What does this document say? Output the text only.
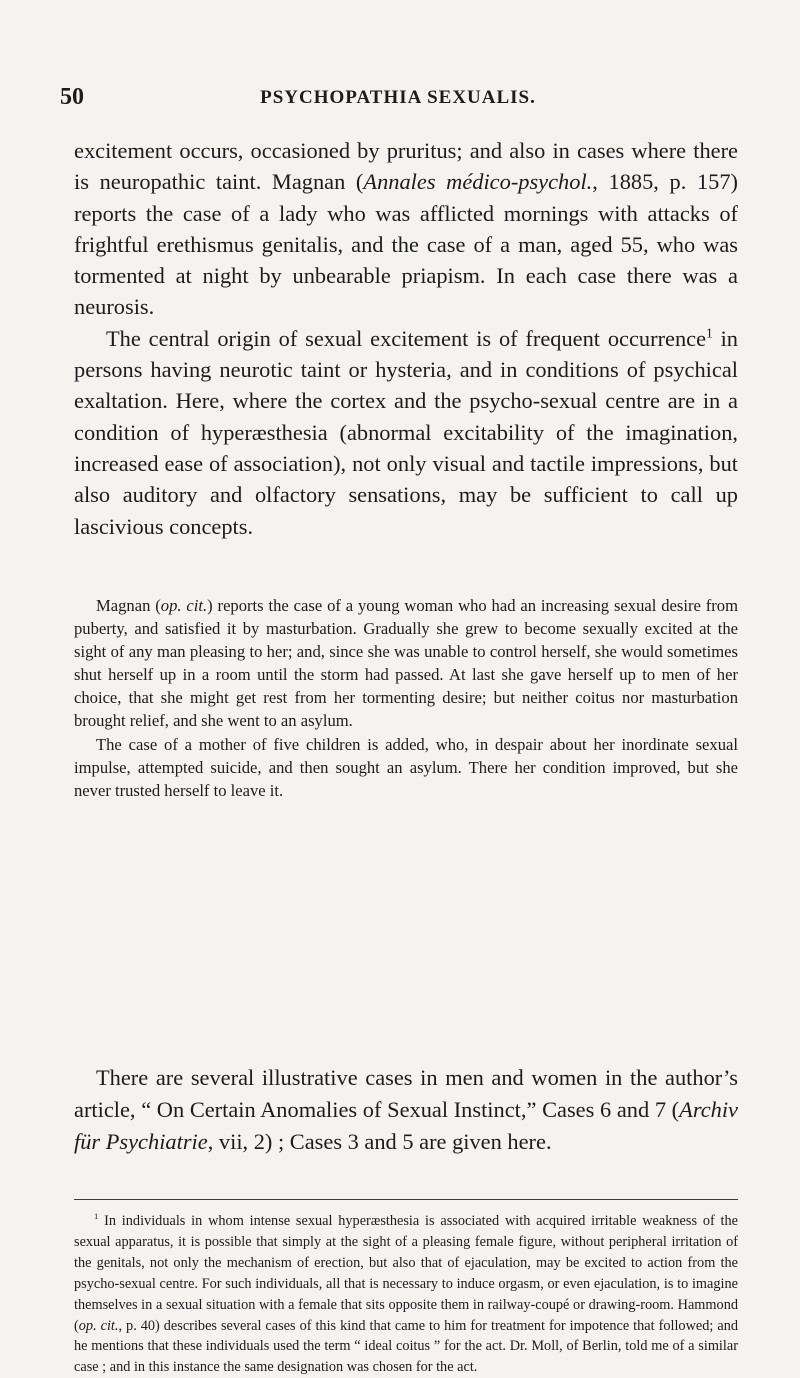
50	PSYCHOPATHIA SEXUALIS.

excitement occurs, occasioned by pruritus; and also in cases where there is neuropathic taint. Magnan (Annales médico-psychol., 1885, p. 157) reports the case of a lady who was afflicted mornings with attacks of frightful erethismus genitalis, and the case of a man, aged 55, who was tormented at night by unbearable priapism. In each case there was a neurosis.

The central origin of sexual excitement is of frequent occurrence$^1$ in persons having neurotic taint or hysteria, and in conditions of psychical exaltation. Here, where the cortex and the psycho-sexual centre are in a condition of hyperæsthesia (abnormal excitability of the imagination, increased ease of association), not only visual and tactile impressions, but also auditory and olfactory sensations, may be sufficient to call up lascivious concepts.

Magnan (op. cit.) reports the case of a young woman who had an increasing sexual desire from puberty, and satisfied it by masturbation. Gradually she grew to become sexually excited at the sight of any man pleasing to her; and, since she was unable to control herself, she would sometimes shut herself up in a room until the storm had passed. At last she gave herself up to men of her choice, that she might get rest from her tormenting desire; but neither coitus nor masturbation brought relief, and she went to an asylum.

The case of a mother of five children is added, who, in despair about her inordinate sexual impulse, attempted suicide, and then sought an asylum. There her condition improved, but she never trusted herself to leave it.

There are several illustrative cases in men and women in the author’s article, “ On Certain Anomalies of Sexual Instinct,” Cases 6 and 7 (Archiv für Psychiatrie, vii, 2) ; Cases 3 and 5 are given here.

$^1$ In individuals in whom intense sexual hyperæsthesia is associated with acquired irritable weakness of the sexual apparatus, it is possible that simply at the sight of a pleasing female figure, without peripheral irritation of the genitals, not only the mechanism of erection, but also that of ejaculation, may be excited to action from the psycho-sexual centre. For such individuals, all that is necessary to induce orgasm, or even ejaculation, is to imagine themselves in a sexual situation with a female that sits opposite them in railway-coupé or drawing-room. Hammond (op. cit., p. 40) describes several cases of this kind that came to him for treatment for impotence that followed; and he mentions that these individuals used the term “ ideal coitus ” for the act. Dr. Moll, of Berlin, told me of a similar case ; and in this instance the same designation was chosen for the act.
